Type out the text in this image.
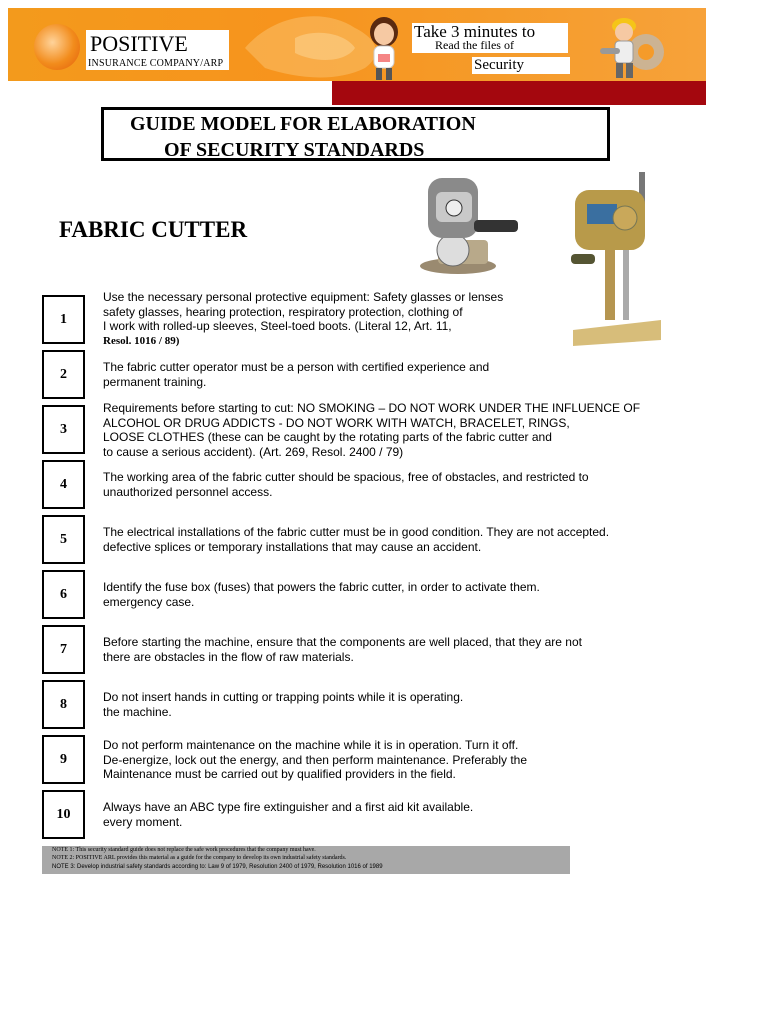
POSITIVE
INSURANCE COMPANY/ARP
Take 3 minutes to
Read the files of
Security
GUIDE MODEL FOR ELABORATION
OF SECURITY STANDARDS
FABRIC CUTTER
1
Use the necessary personal protective equipment: Safety glasses or lenses
safety glasses, hearing protection, respiratory protection, clothing of
I work with rolled-up sleeves, Steel-toed boots. (Literal 12, Art. 11,
Resol. 1016 / 89)
2	The fabric cutter operator must be a person with certified experience and
permanent training.
3
Requirements before starting to cut: NO SMOKING – DO NOT WORK UNDER THE INFLUENCE OF
ALCOHOL OR DRUG ADDICTS - DO NOT WORK WITH WATCH, BRACELET, RINGS,
LOOSE CLOTHES (these can be caught by the rotating parts of the fabric cutter and
to cause a serious accident). (Art. 269, Resol. 2400 / 79)
4	The working area of the fabric cutter should be spacious, free of obstacles, and restricted to
unauthorized personnel access.
5	The electrical installations of the fabric cutter must be in good condition. They are not accepted.
defective splices or temporary installations that may cause an accident.
6	Identify the fuse box (fuses) that powers the fabric cutter, in order to activate them.
emergency case.
7	Before starting the machine, ensure that the components are well placed, that they are not
there are obstacles in the flow of raw materials.
8	Do not insert hands in cutting or trapping points while it is operating.
the machine.
9
Do not perform maintenance on the machine while it is in operation. Turn it off.
De-energize, lock out the energy, and then perform maintenance. Preferably the
Maintenance must be carried out by qualified providers in the field.
10	Always have an ABC type fire extinguisher and a first aid kit available.
every moment.
NOTE 1: This security standard guide does not replace the safe work procedures that the company must have.
NOTE 2: POSITIVE ARL provides this material as a guide for the company to develop its own industrial safety standards.
NOTE 3: Develop industrial safety standards according to: Law 9 of 1979, Resolution 2400 of 1979, Resolution 1016 of 1989
